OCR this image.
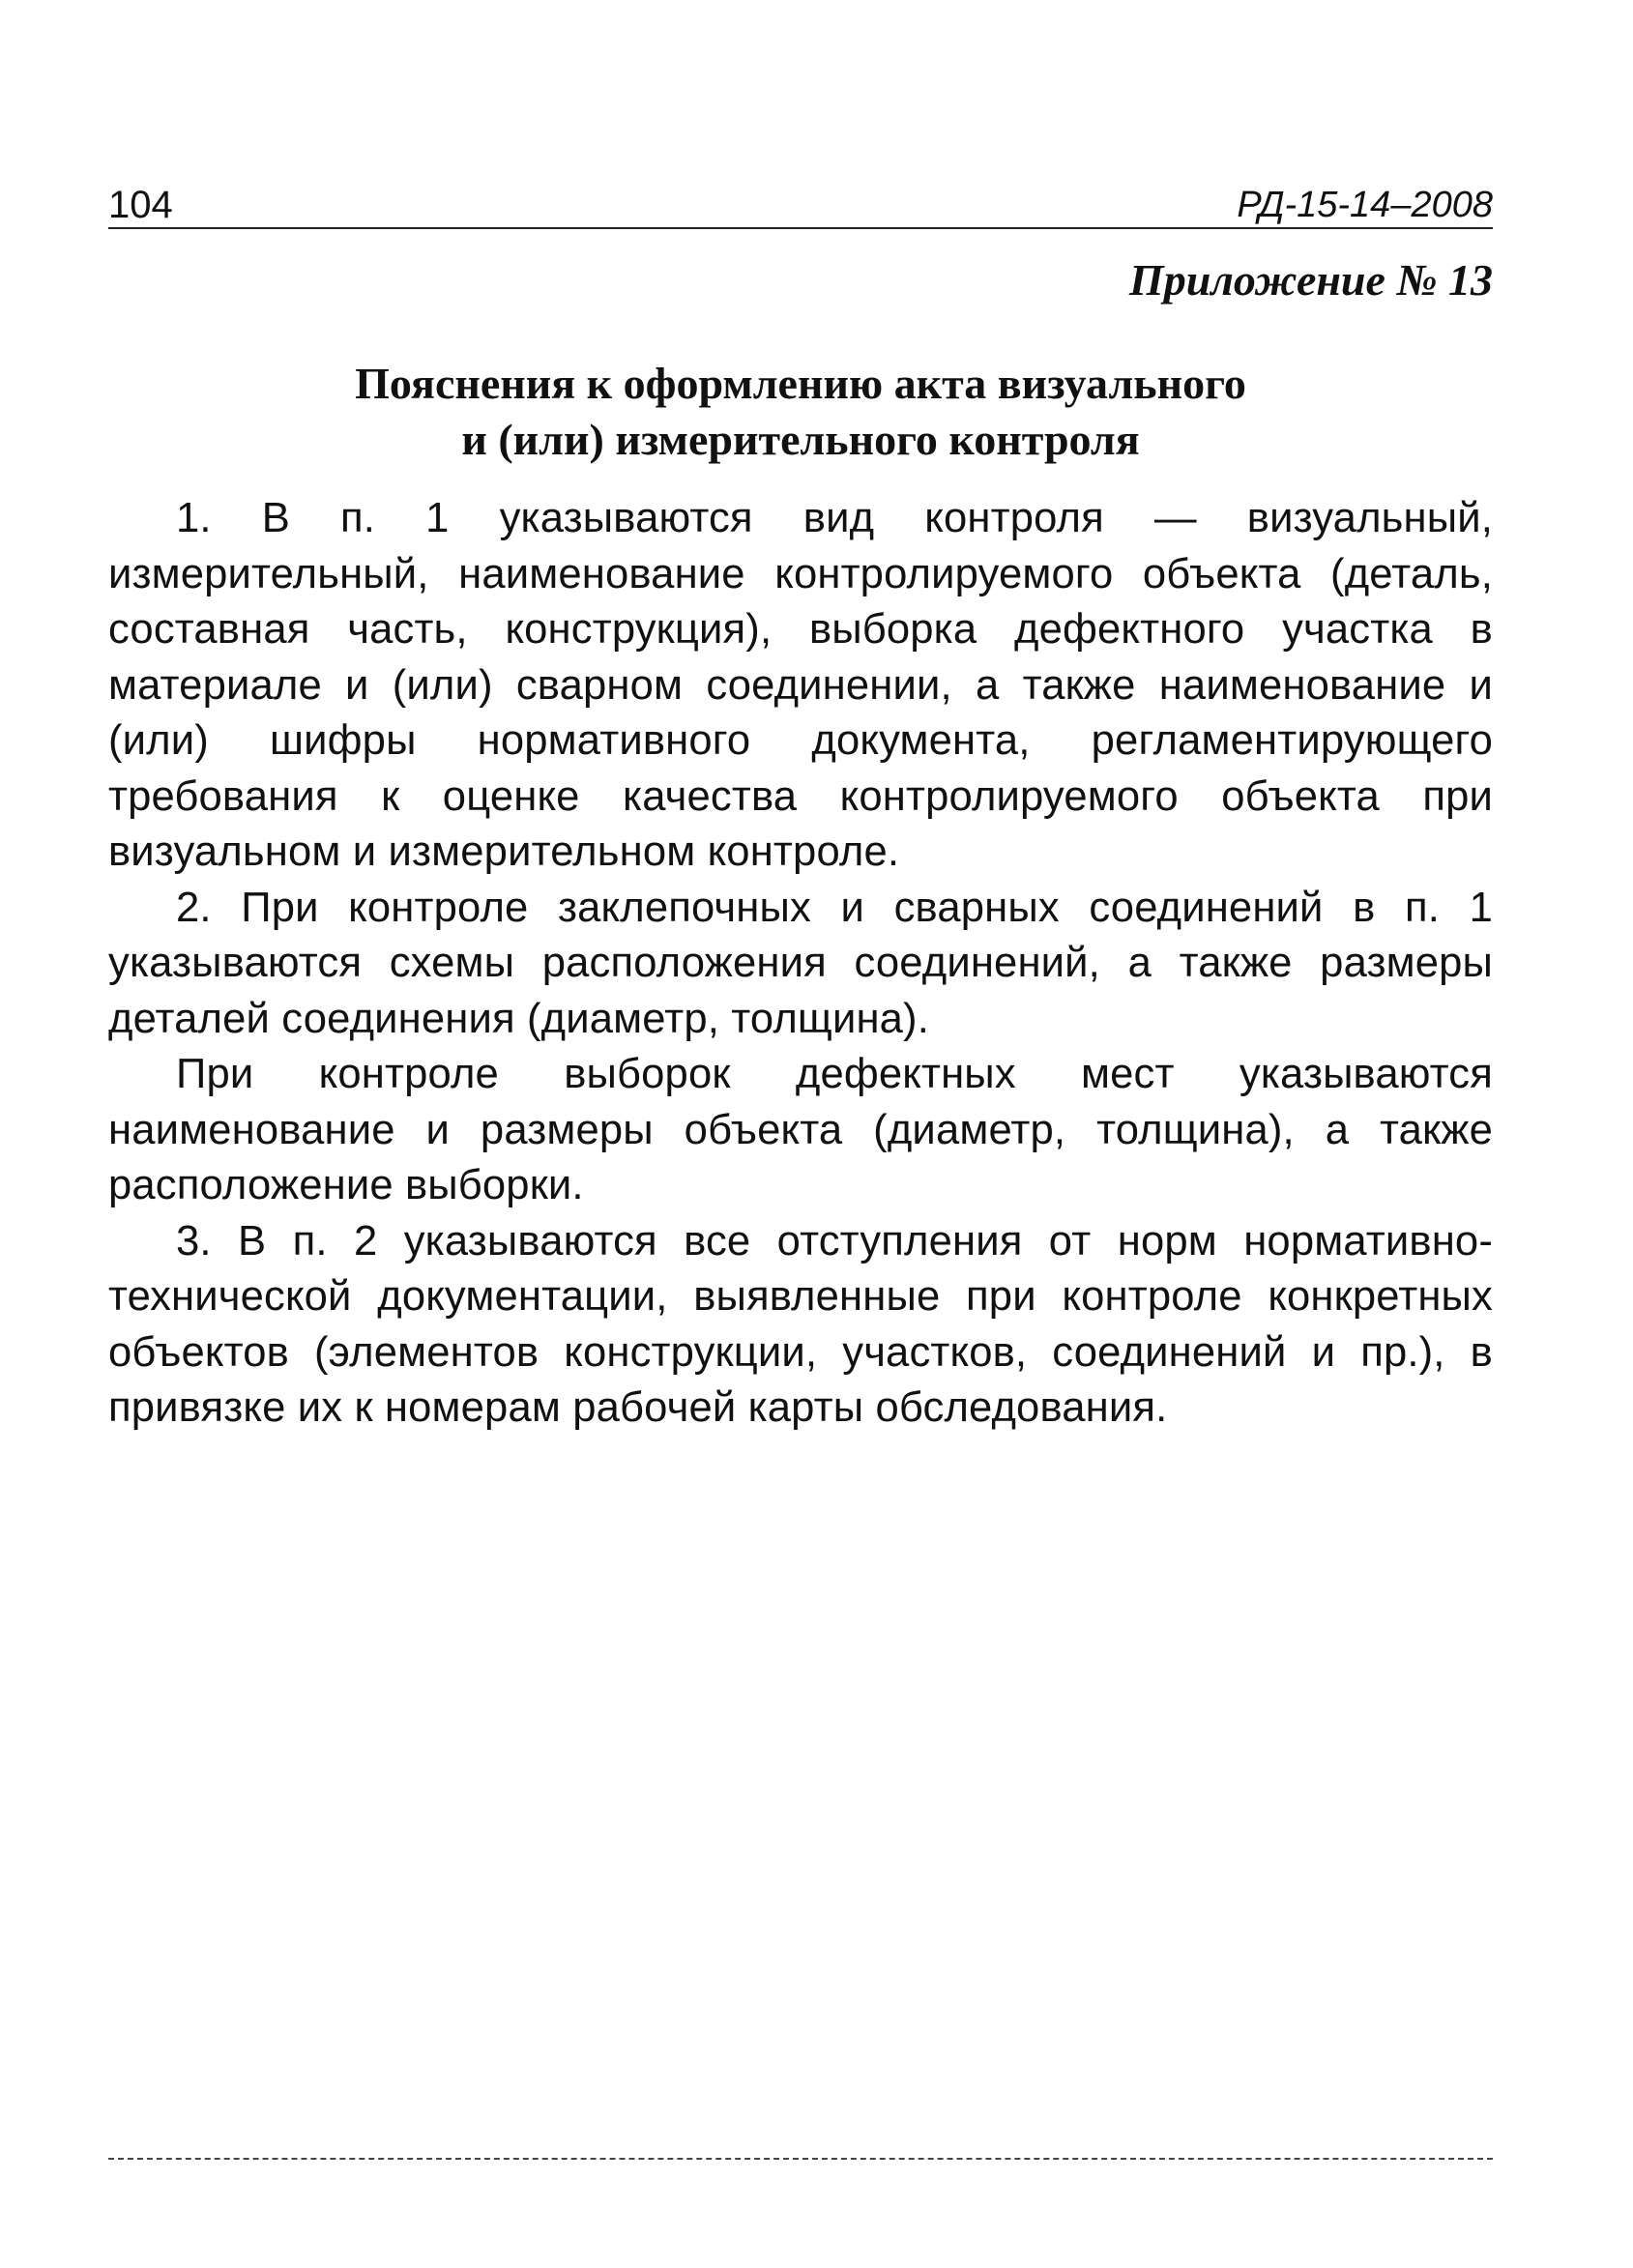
104	РД-15-14–2008
Приложение № 13
Пояснения к оформлению акта визуального
и (или) измерительного контроля

1. В п. 1 указываются вид контроля — визуальный, измерительный, наименование контролируемого объекта (деталь, составная часть, конструкция), выборка дефектного участка в материале и (или) сварном соединении, а также наименование и (или) шифры нормативного документа, регламентирующего требования к оценке качества контролируемого объекта при визуальном и измерительном контроле.

2. При контроле заклепочных и сварных соединений в п. 1 указываются схемы расположения соединений, а также размеры деталей соединения (диаметр, толщина).

При контроле выборок дефектных мест указываются наименование и размеры объекта (диаметр, толщина), а также расположение выборки.

3. В п. 2 указываются все отступления от норм нормативно-технической документации, выявленные при контроле конкретных объектов (элементов конструкции, участков, соединений и пр.), в привязке их к номерам рабочей карты обследования.
